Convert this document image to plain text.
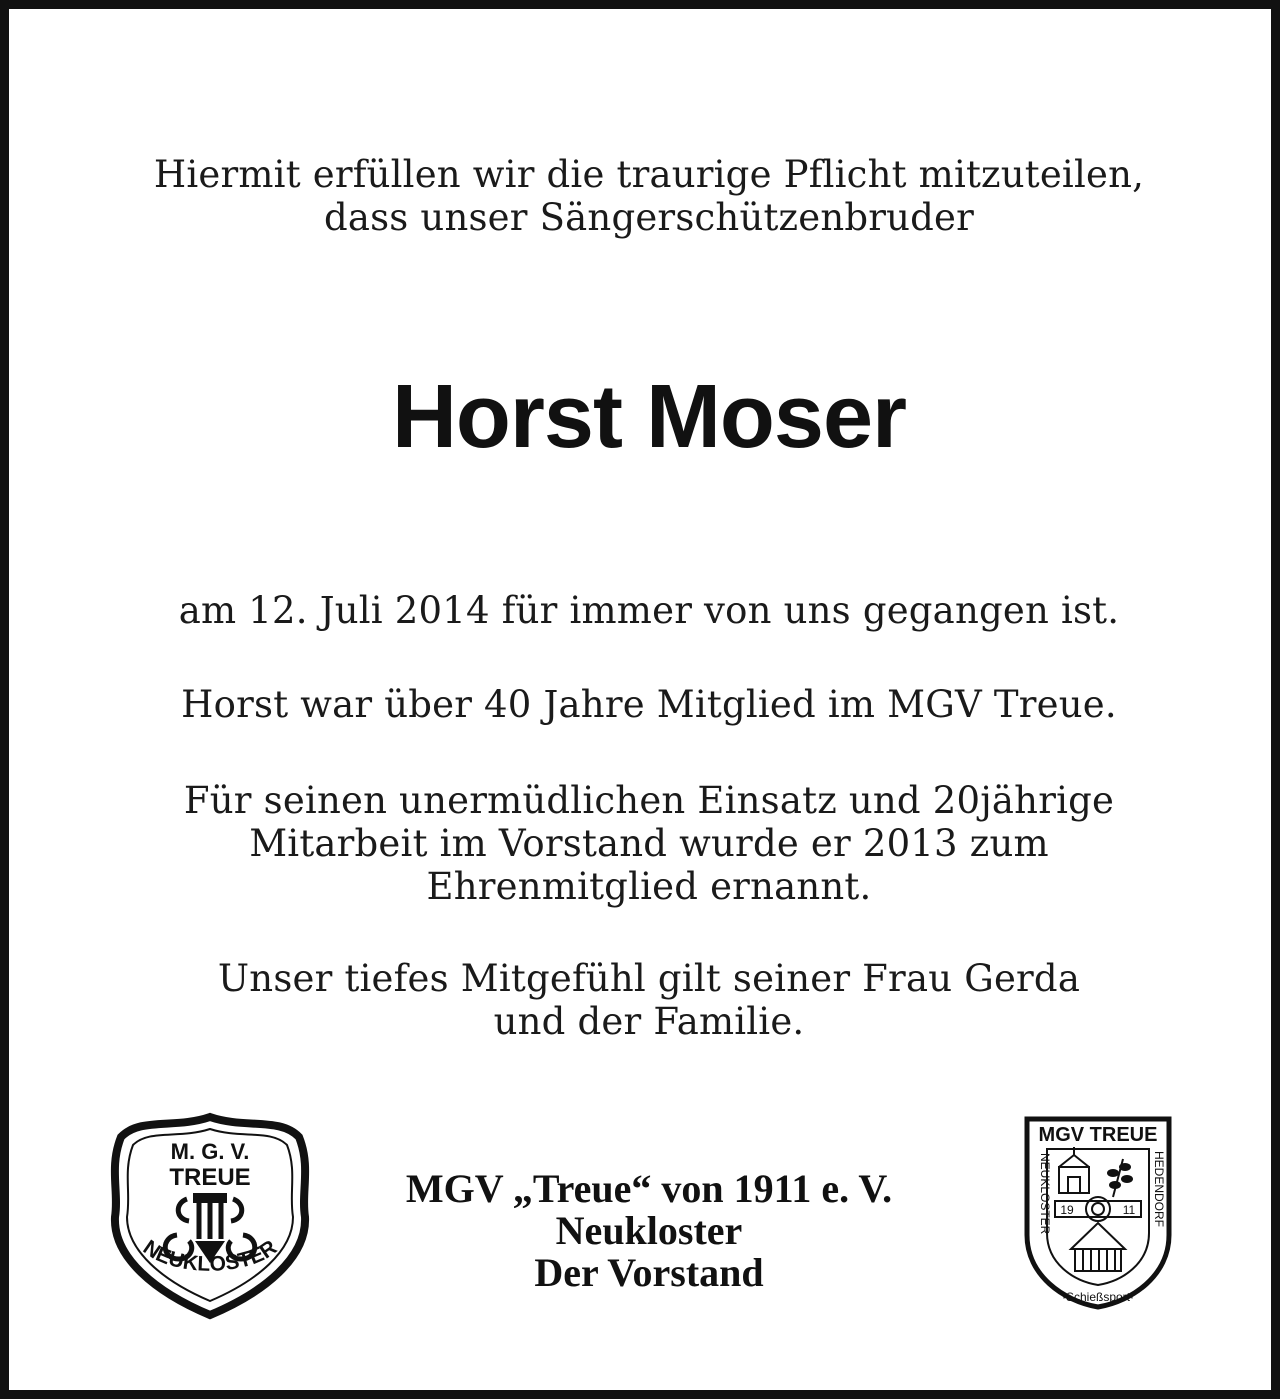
Hiermit erfüllen wir die traurige Pflicht mitzuteilen,
dass unser Sängerschützenbruder
Horst Moser
am 12. Juli 2014 für immer von uns gegangen ist.
Horst war über 40 Jahre Mitglied im MGV Treue.
Für seinen unermüdlichen Einsatz und 20jährige
Mitarbeit im Vorstand wurde er 2013 zum
Ehrenmitglied ernannt.
Unser tiefes Mitgefühl gilt seiner Frau Gerda
und der Familie.
M. G. V.
TREUE
NEUKLOSTER
MGV „Treue“ von 1911 e. V.
Neukloster
Der Vorstand
MGV TREUE
NEUKLOSTER	HEDENDORF
·Schießsport·
19	11
